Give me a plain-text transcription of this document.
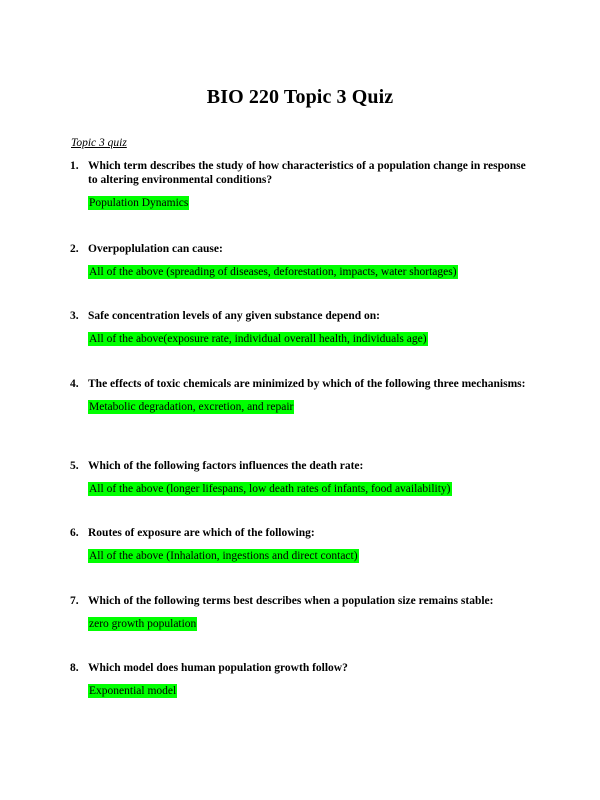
BIO 220 Topic 3 Quiz
Topic 3 quiz
1. Which term describes the study of how characteristics of a population change in response to altering environmental conditions?
Population Dynamics
2. Overpoplulation can cause:
All of the above (spreading of diseases, deforestation, impacts, water shortages)
3. Safe concentration levels of any given substance depend on:
All of the above(exposure rate, individual overall health, individuals age)
4. The effects of toxic chemicals are minimized by which of the following three mechanisms:
Metabolic degradation, excretion, and repair
5. Which of the following factors influences the death rate:
All of the above (longer lifespans, low death rates of infants, food availability)
6. Routes of exposure are which of the following:
All of the above (Inhalation, ingestions and direct contact)
7. Which of the following terms best describes when a population size remains stable:
zero growth population
8. Which model does human population growth follow?
Exponential model
